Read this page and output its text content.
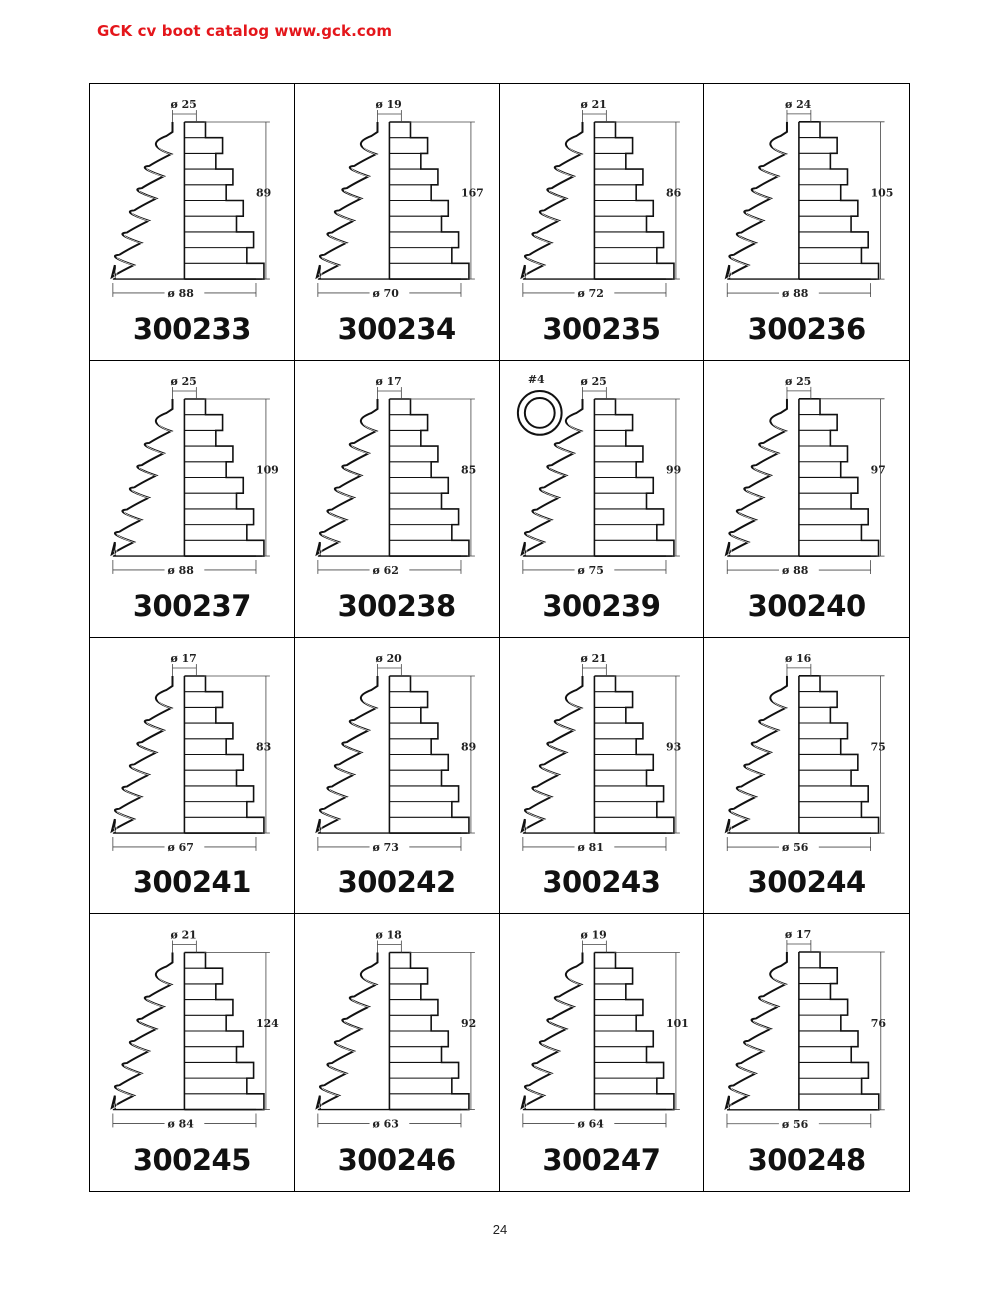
GCK cv boot catalog www.gck.com
89
ø 25
ø 88
300233
167
ø 19
ø 70
300234
86
ø 21
ø 72
300235
105
ø 24
ø 88
300236
109
ø 25
ø 88
300237
85
ø 17
ø 62
300238
99
ø 25
ø 75
#4
300239
97
ø 25
ø 88
300240
83
ø 17
ø 67
300241
89
ø 20
ø 73
300242
93
ø 21
ø 81
300243
75
ø 16
ø 56
300244
124
ø 21
ø 84
300245
92
ø 18
ø 63
300246
101
ø 19
ø 64
300247
76
ø 17
ø 56
300248
24
